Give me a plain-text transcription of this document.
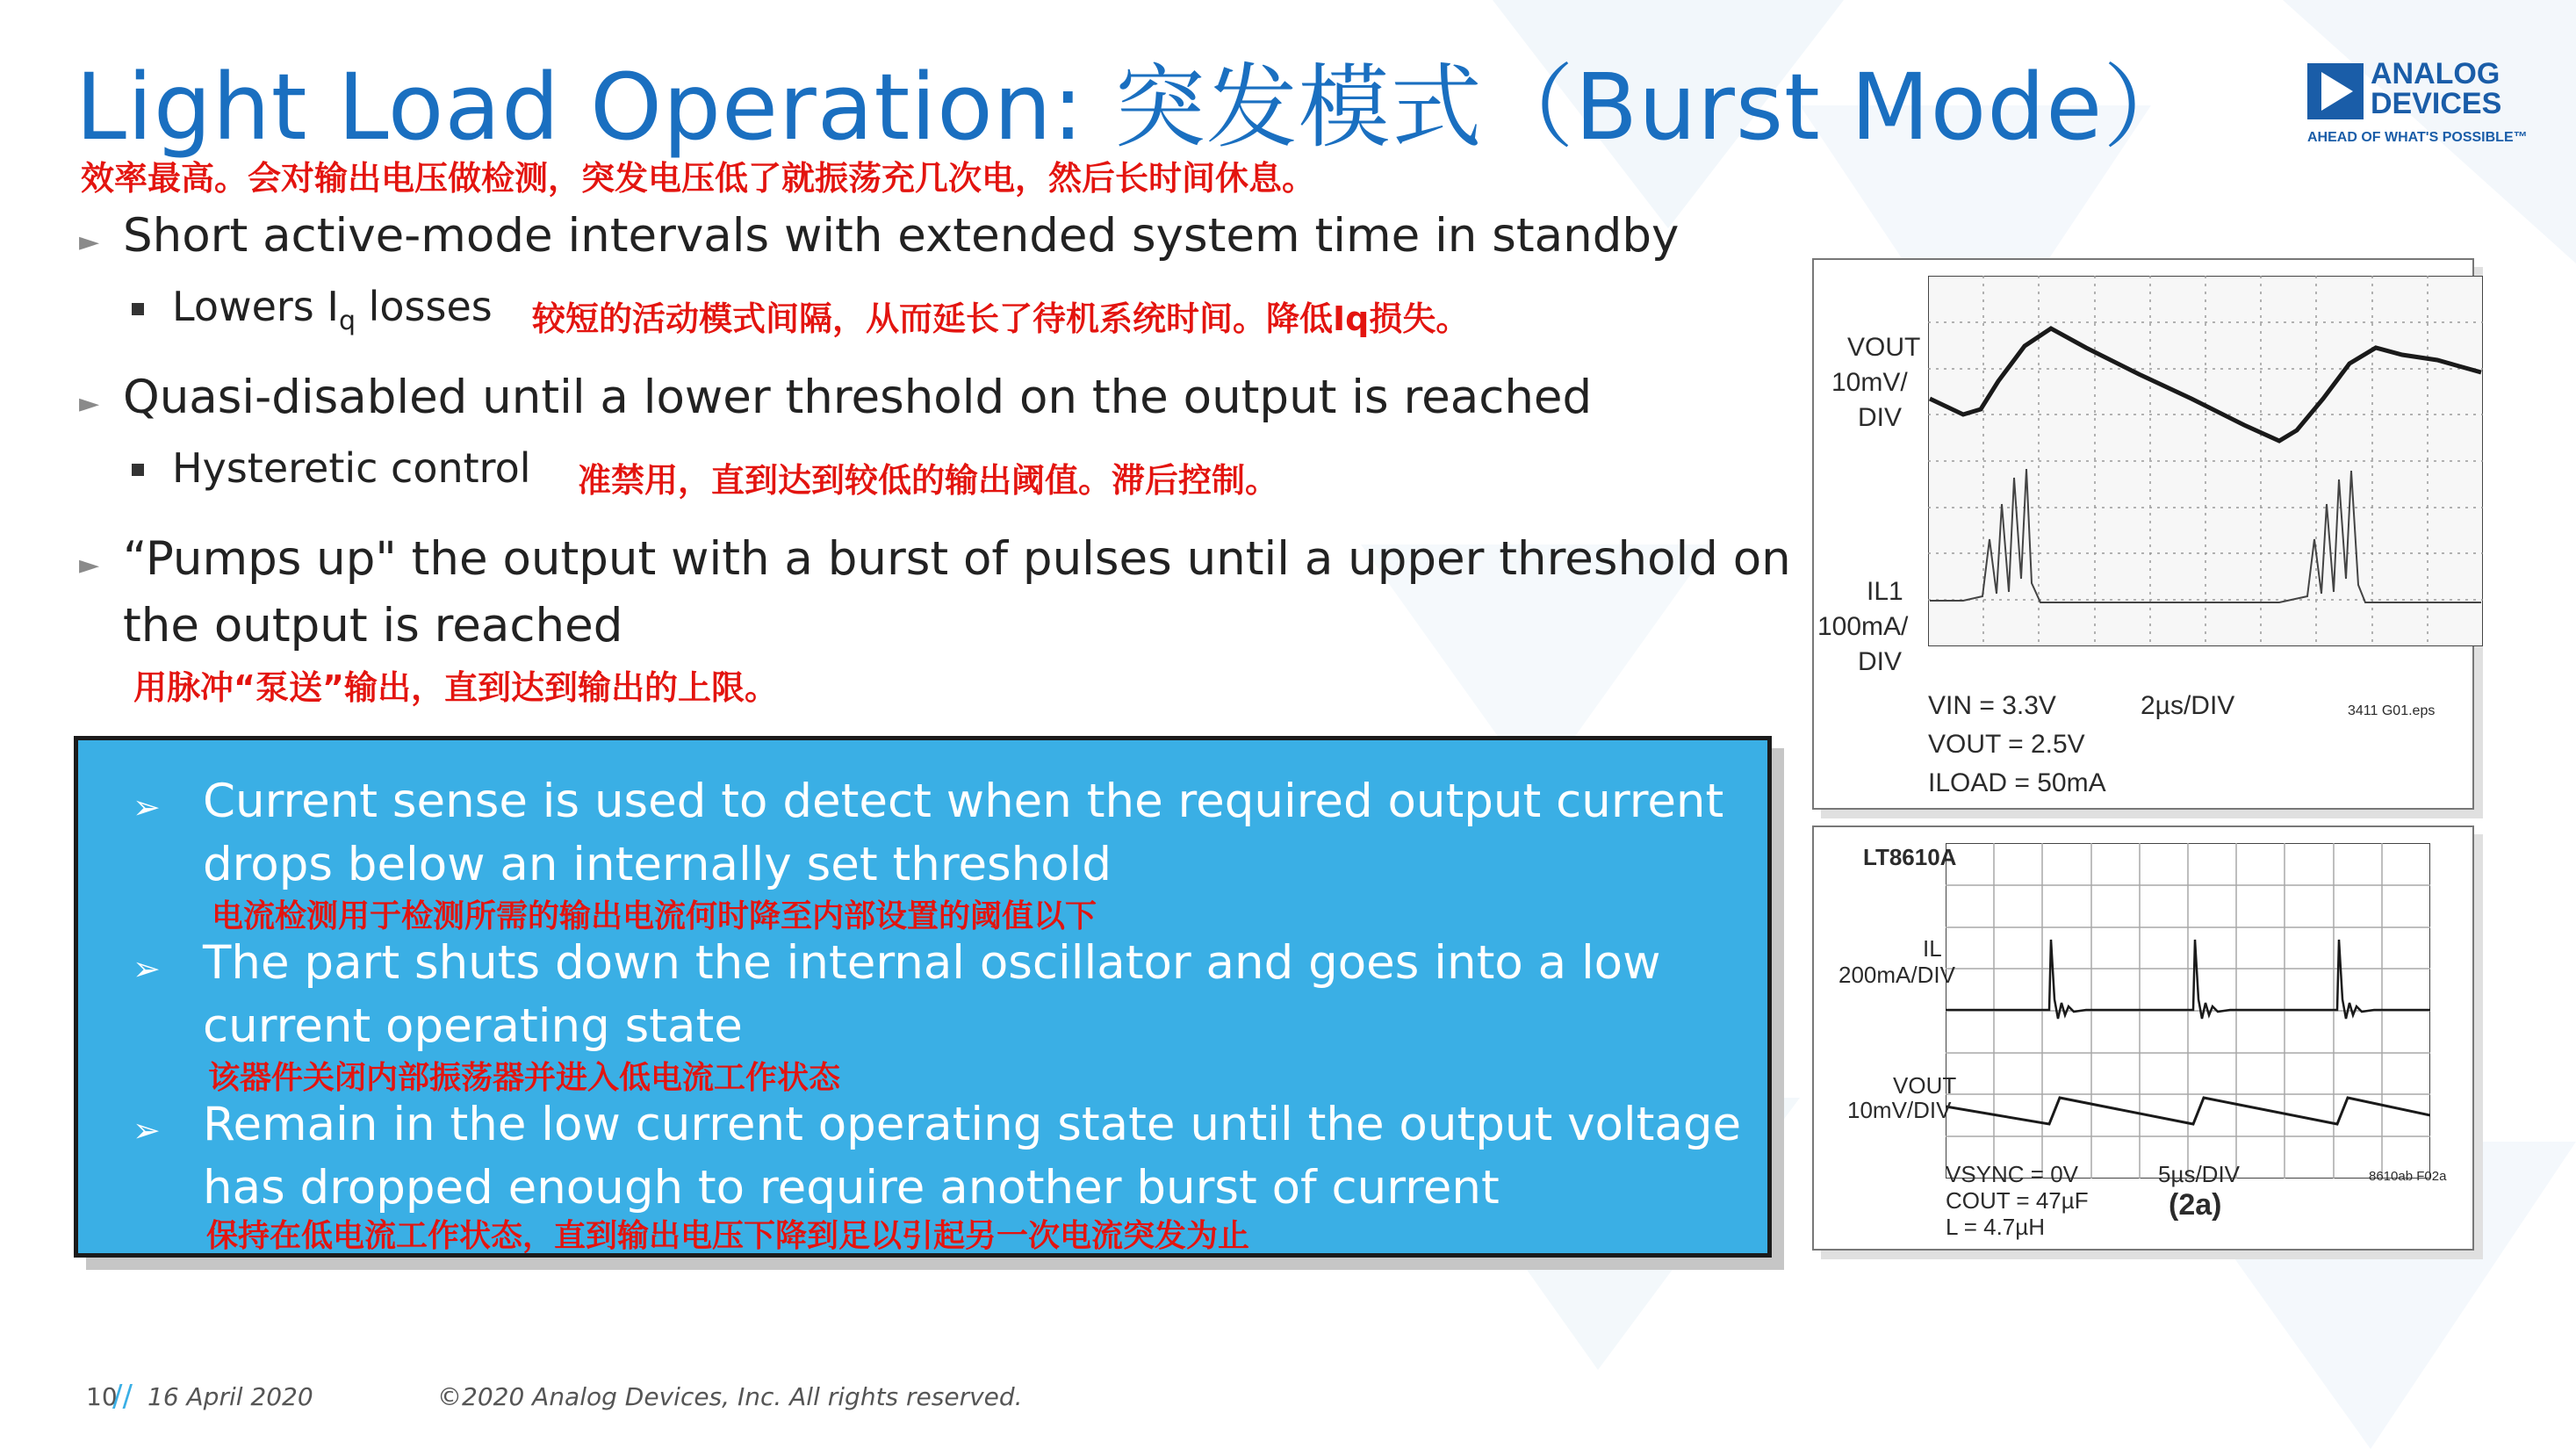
Light Load Operation: 突发模式（Burst Mode）
效率最高。会对输出电压做检测，突发电压低了就振荡充几次电，然后长时间休息。
ANALOG
DEVICES
AHEAD OF WHAT'S POSSIBLE™
► Short active-mode intervals with extended system time in standby
Lowers $I_q$ losses 较短的活动模式间隔，从而延长了待机系统时间。降低Iq损失。
► Quasi-disabled until a lower threshold on the output is reached
Hysteretic control 准禁用，直到达到较低的输出阈值。滞后控制。
► “Pumps up" the output with a burst of pulses until a upper threshold on
the output is reached
用脉冲“泵送”输出，直到达到输出的上限。
➢ Current sense is used to detect when the required output current
drops below an internally set threshold
电流检测用于检测所需的输出电流何时降至内部设置的阈值以下
➢ The part shuts down the internal oscillator and goes into a low
current operating state
该器件关闭内部振荡器并进入低电流工作状态
➢ Remain in the low current operating state until the output voltage
has dropped enough to require another burst of current
保持在低电流工作状态，直到输出电压下降到足以引起另一次电流突发为止
VOUT
10mV/
DIV
IL1
100mA/
DIV
VIN = 3.3V
VOUT = 2.5V
ILOAD = 50mA
2µs/DIV	3411 G01.eps
LT8610A
IL
200mA/DIV
VOUT
10mV/DIV
VSYNC = 0V
COUT = 47µF
L = 4.7µH
5µs/DIV
(2a)
8610ab F02a
10
// 16 April 2020	©2020 Analog Devices, Inc. All rights reserved.
